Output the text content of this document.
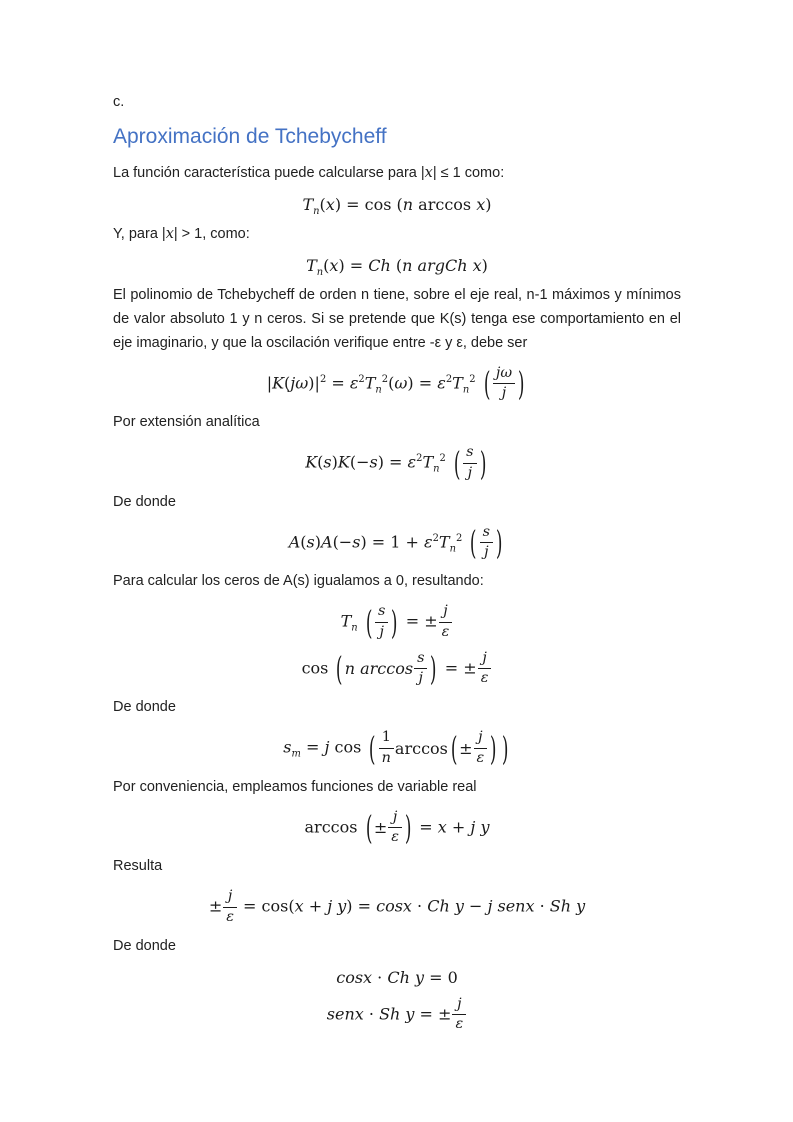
c.

Aproximación de Tchebycheff

La función característica puede calcularse para |x| ≤ 1 como:

$T_n(x) = \cos (n$ arccos x)

Y, para |x| > 1, como:

$T_n(x) = Ch$ (n argCh x)

El polinomio de Tchebycheff de orden n tiene, sobre el eje real, n-1 máximos y mínimos de valor absoluto 1 y n ceros. Si se pretende que K(s) tenga ese comportamiento en el eje imaginario, y que la oscilación verifique entre -ε y ε, debe ser

$|K(j\omega)|^2 = \varepsilon^2T_n^2(\omega) = \varepsilon^2T_n^2$ ( $\frac{j\omega}{j}$ )

Por extensión analítica

$K(s)K(-s) = \varepsilon^2T_n^2$ ( $\frac{s}{j}$ )

De donde

$A(s)A(-s) = 1 + \varepsilon^2T_n^2$ ( $\frac{s}{j}$ )

Para calcular los ceros de A(s) igualamos a 0, resultando:

$T_n$ ( $\frac{s}{j}$ ) = ± $\frac{j}{\varepsilon}$
cos ( n $\arccos \frac{s}{j}$ ) = ± $\frac{j}{\varepsilon}$

De donde

$s_m = j$ cos ( $\frac{1}{n}$ arccos ( ± $\frac{j}{\varepsilon}$ ) )

Por conveniencia, empleamos funciones de variable real

arccos ( ± $\frac{j}{\varepsilon}$ ) = x + j y

Resulta

± $\frac{j}{\varepsilon} = \cos(x + j$ y) = cosx · Ch y − j senx · Sh y

De donde

cosx · Ch y = 0
senx · Sh y = ± $\frac{j}{\varepsilon}$
